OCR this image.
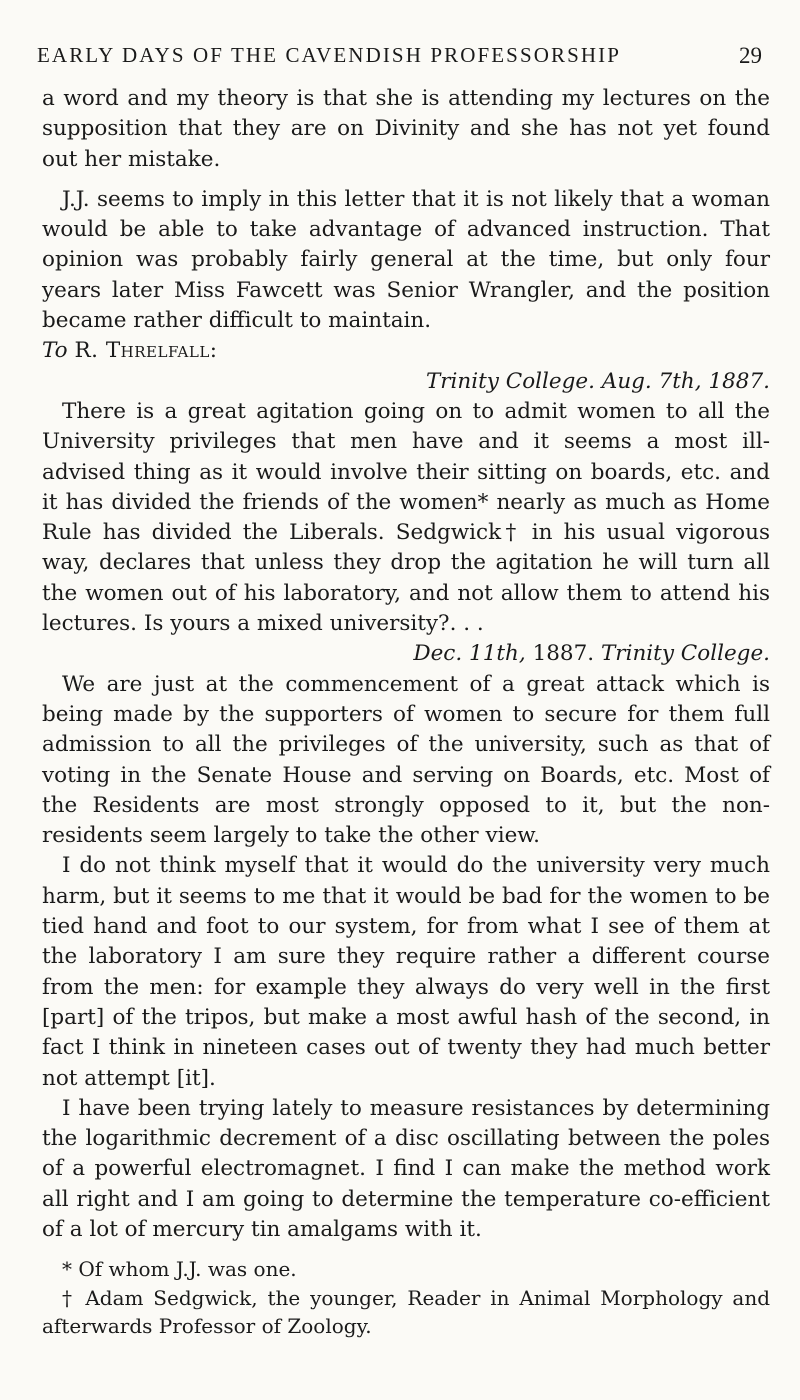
EARLY DAYS OF THE CAVENDISH PROFESSORSHIP	29

a word and my theory is that she is attending my lectures on the supposition that they are on Divinity and she has not yet found out her mistake.

J.J. seems to imply in this letter that it is not likely that a woman would be able to take advantage of advanced instruction. That opinion was probably fairly general at the time, but only four years later Miss Fawcett was Senior Wrangler, and the position became rather difficult to maintain.

To R. Threlfall:

Trinity College. Aug. 7th, 1887.

There is a great agitation going on to admit women to all the University privileges that men have and it seems a most ill-advised thing as it would involve their sitting on boards, etc. and it has divided the friends of the women* nearly as much as Home Rule has divided the Liberals. Sedgwick† in his usual vigorous way, declares that unless they drop the agitation he will turn all the women out of his laboratory, and not allow them to attend his lectures. Is yours a mixed university?. . .

Dec. 11th, 1887. Trinity College.

We are just at the commencement of a great attack which is being made by the supporters of women to secure for them full admission to all the privileges of the university, such as that of voting in the Senate House and serving on Boards, etc. Most of the Residents are most strongly opposed to it, but the non-residents seem largely to take the other view.

I do not think myself that it would do the university very much harm, but it seems to me that it would be bad for the women to be tied hand and foot to our system, for from what I see of them at the laboratory I am sure they require rather a different course from the men: for example they always do very well in the first [part] of the tripos, but make a most awful hash of the second, in fact I think in nineteen cases out of twenty they had much better not attempt [it].

I have been trying lately to measure resistances by determining the logarithmic decrement of a disc oscillating between the poles of a powerful electromagnet. I find I can make the method work all right and I am going to determine the temperature co-efficient of a lot of mercury tin amalgams with it.

* Of whom J.J. was one.

† Adam Sedgwick, the younger, Reader in Animal Morphology and afterwards Professor of Zoology.
